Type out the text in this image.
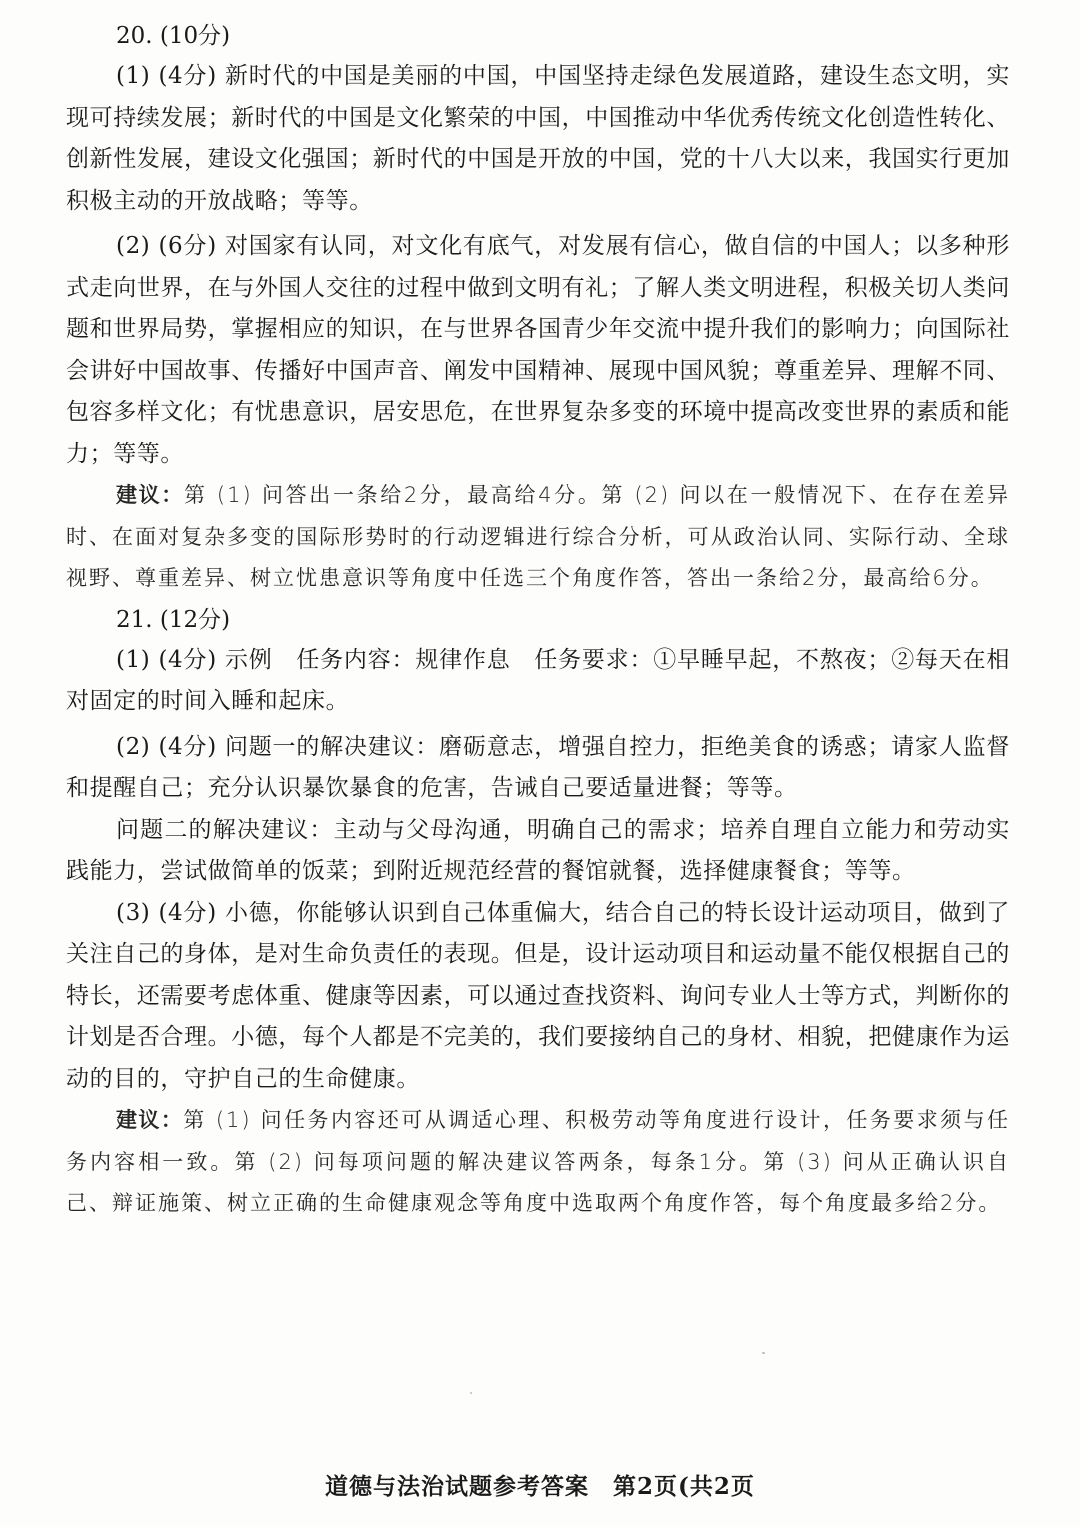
20. (10分)

(1) (4分) 新时代的中国是美丽的中国，中国坚持走绿色发展道路，建设生态文明，实现可持续发展；新时代的中国是文化繁荣的中国，中国推动中华优秀传统文化创造性转化、创新性发展，建设文化强国；新时代的中国是开放的中国，党的十八大以来，我国实行更加积极主动的开放战略；等等。

(2) (6分) 对国家有认同，对文化有底气，对发展有信心，做自信的中国人；以多种形式走向世界，在与外国人交往的过程中做到文明有礼；了解人类文明进程，积极关切人类问题和世界局势，掌握相应的知识，在与世界各国青少年交流中提升我们的影响力；向国际社会讲好中国故事、传播好中国声音、阐发中国精神、展现中国风貌；尊重差异、理解不同、包容多样文化；有忧患意识，居安思危，在世界复杂多变的环境中提高改变世界的素质和能力；等等。

建议：第 (1) 问答出一条给2分，最高给4分。第 (2) 问以在一般情况下、在存在差异时、在面对复杂多变的国际形势时的行动逻辑进行综合分析，可从政治认同、实际行动、全球视野、尊重差异、树立忧患意识等角度中任选三个角度作答，答出一条给2分，最高给6分。

21. (12分)

(1) (4分) 示例　任务内容：规律作息　任务要求：①早睡早起，不熬夜；②每天在相对固定的时间入睡和起床。

(2) (4分) 问题一的解决建议：磨砺意志，增强自控力，拒绝美食的诱惑；请家人监督和提醒自己；充分认识暴饮暴食的危害，告诫自己要适量进餐；等等。

问题二的解决建议：主动与父母沟通，明确自己的需求；培养自理自立能力和劳动实践能力，尝试做简单的饭菜；到附近规范经营的餐馆就餐，选择健康餐食；等等。

(3) (4分) 小德，你能够认识到自己体重偏大，结合自己的特长设计运动项目，做到了关注自己的身体，是对生命负责任的表现。但是，设计运动项目和运动量不能仅根据自己的特长，还需要考虑体重、健康等因素，可以通过查找资料、询问专业人士等方式，判断你的计划是否合理。小德，每个人都是不完美的，我们要接纳自己的身材、相貌，把健康作为运动的目的，守护自己的生命健康。

建议：第 (1) 问任务内容还可从调适心理、积极劳动等角度进行设计，任务要求须与任务内容相一致。第 (2) 问每项问题的解决建议答两条，每条1分。第 (3) 问从正确认识自己、辩证施策、树立正确的生命健康观念等角度中选取两个角度作答，每个角度最多给2分。

道德与法治试题参考答案　第2页(共2页
